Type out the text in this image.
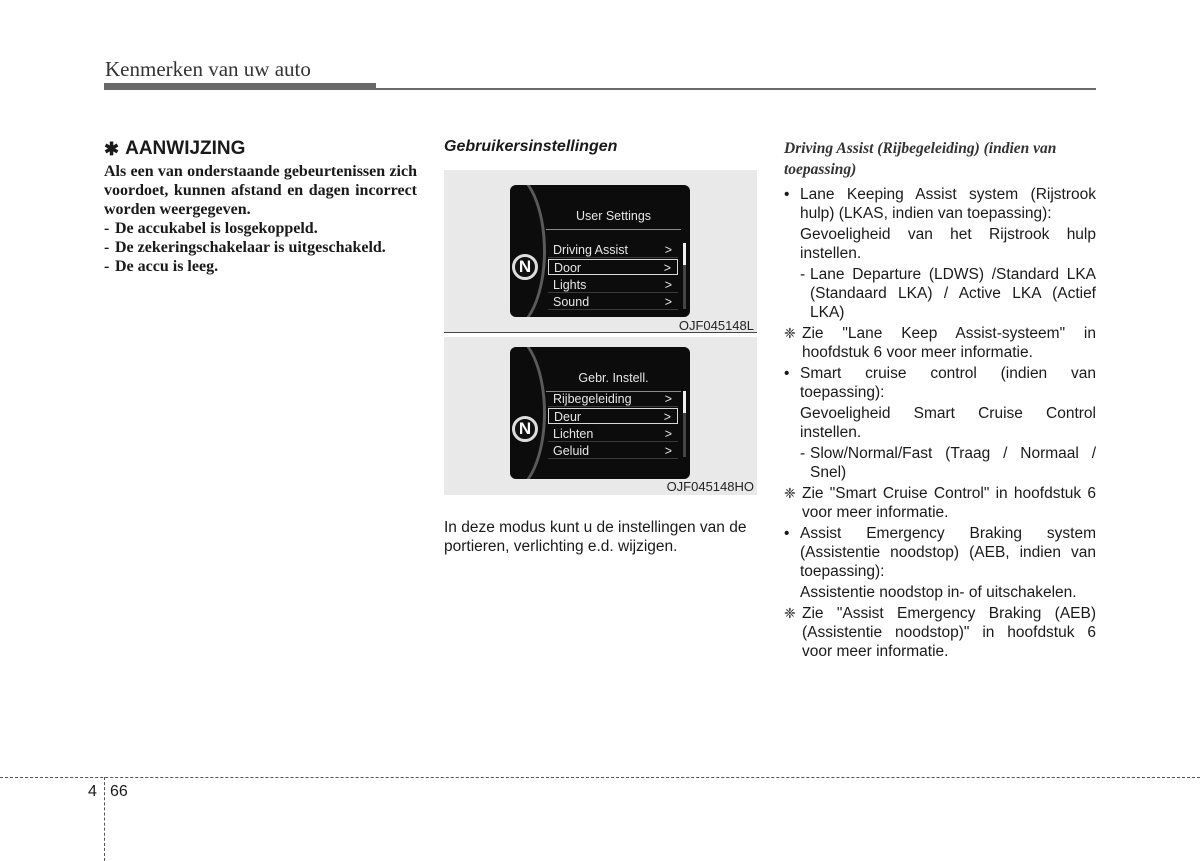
Kenmerken van uw auto
✱ AANWIJZING

Als een van onderstaande gebeurtenissen zich voordoet, kunnen afstand en dagen incorrect worden weergegeven.

- De accukabel is losgekoppeld.
- De zekeringschakelaar is uitgeschakeld.
- De accu is leeg.
Gebruikersinstellingen
N
User Settings
Driving Assist	>
Door	>
Lights	>
Sound	>
OJF045148L
N
Gebr. Instell.
Rijbegeleiding	>
Deur	>
Lichten	>
Geluid	>
OJF045148HO
In deze modus kunt u de instellingen van de portieren, verlichting e.d. wijzigen.
Driving Assist (Rijbegeleiding) (indien van toepassing)
• Lane Keeping Assist system (Rijstrook hulp) (LKAS, indien van toepassing):
Gevoeligheid van het Rijstrook hulp instellen.
- Lane Departure (LDWS) /Standard LKA (Standaard LKA) / Active LKA (Actief LKA)
❈ Zie "Lane Keep Assist-systeem" in hoofdstuk 6 voor meer informatie.
• Smart cruise control (indien van toepassing):
Gevoeligheid Smart Cruise Control instellen.
- Slow/Normal/Fast (Traag / Normaal / Snel)
❈ Zie "Smart Cruise Control" in hoofdstuk 6 voor meer informatie.
• Assist Emergency Braking system (Assistentie noodstop) (AEB, indien van toepassing):
Assistentie noodstop in- of uitschakelen.
❈ Zie "Assist Emergency Braking (AEB) (Assistentie noodstop)" in hoofdstuk 6 voor meer informatie.
4 66
